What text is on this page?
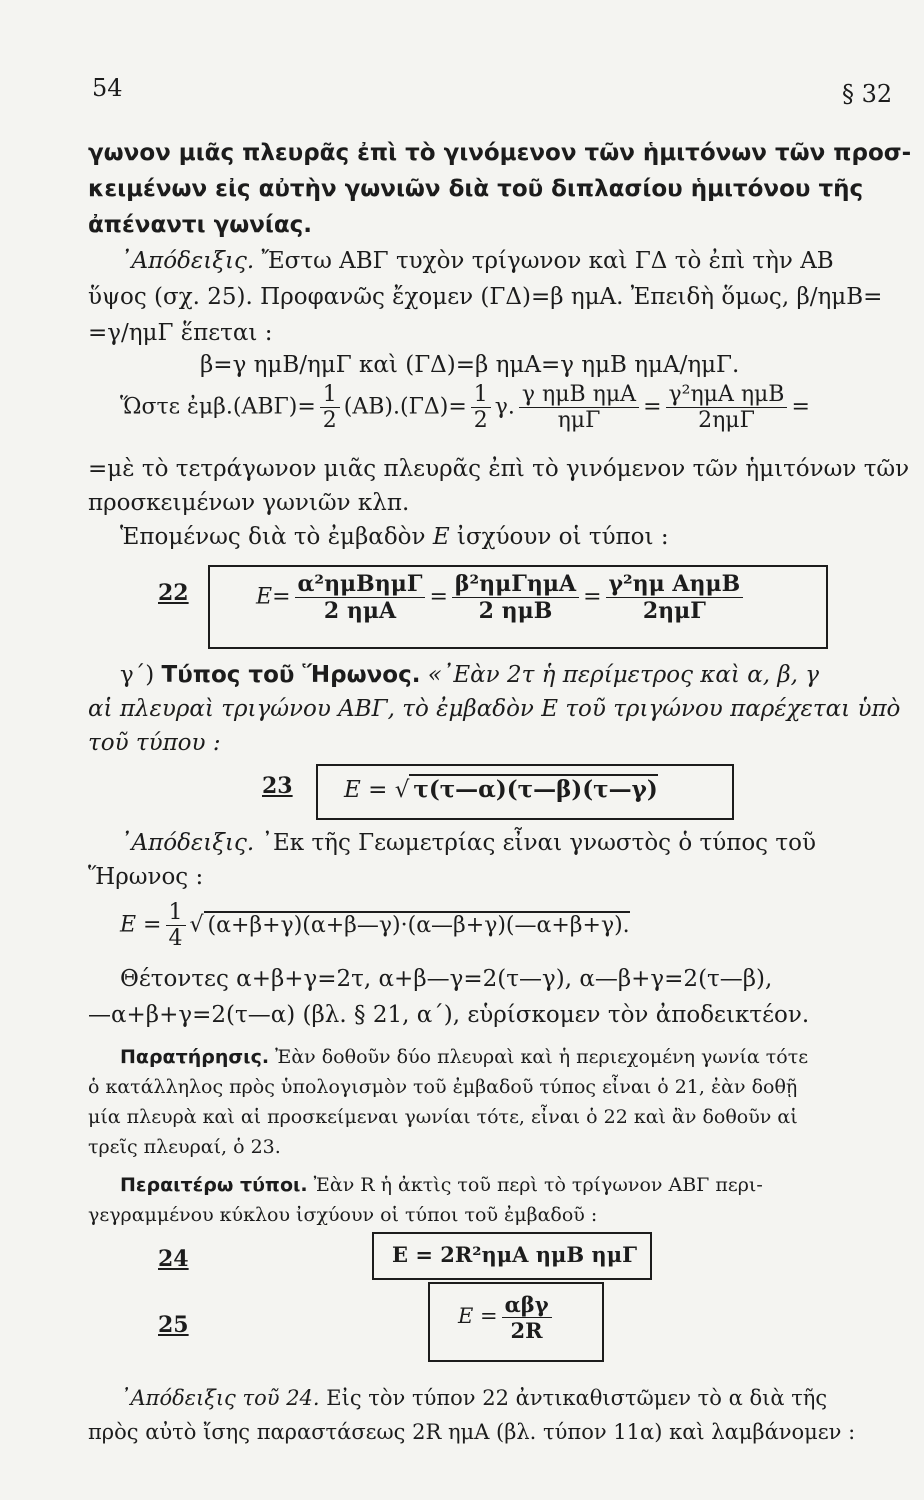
54	§ 32
γωνον μιᾶς πλευρᾶς ἐπὶ τὸ γινόμενον τῶν ἡμιτόνων τῶν προσ-
κειμένων εἰς αὐτὴν γωνιῶν διὰ τοῦ διπλασίου ἡμιτόνου τῆς
ἀπέναντι γωνίας.
᾿Απόδειξις. Ἔστω ΑΒΓ τυχὸν τρίγωνον καὶ ΓΔ τὸ ἐπὶ τὴν ΑΒ
ὕψος (σχ. 25). Προφανῶς ἔχομεν (ΓΔ)=β ημΑ. Ἐπειδὴ ὅμως, β/ημΒ=
=γ/ημΓ ἕπεται :
β=γ ημΒ/ημΓ καὶ (ΓΔ)=β ημΑ=γ ημΒ ημΑ/ημΓ.
Ὥστε ἐμβ.(ΑΒΓ)= $\frac{1}{2} (AB).(\Gamma\Delta)= \frac{1}{2} \gamma$. $\frac{\text{γ ημΒ ημΑ}}{\text{ημΓ}} = \frac{\text{γ²ημΑ ημΒ}}{\text{2ημΓ}}$ =
=μὲ τὸ τετράγωνον μιᾶς πλευρᾶς ἐπὶ τὸ γινόμενον τῶν ἡμιτόνων τῶν
προσκειμένων γωνιῶν κλπ.
Ἑπομένως διὰ τὸ ἐμβαδὸν E ἰσχύουν οἱ τύποι :
22	$E= \frac{\text{α²ημΒημΓ}}{\text{2 ημΑ}} = \frac{\text{β²ημΓημΑ}}{\text{2 ημΒ}} = \frac{\text{γ²ημ ΑημΒ}}{\text{2ημΓ}}$
γ΄) Τύπος τοῦ Ἥρωνος. «᾿Εὰν 2τ ἡ περίμετρος καὶ α, β, γ
αἱ πλευραὶ τριγώνου ΑΒΓ, τὸ ἐμβαδὸν Ε τοῦ τριγώνου παρέχεται ὑπὸ
τοῦ τύπου :
23 E = √ τ(τ—α)(τ—β)(τ—γ)
᾿Απόδειξις. ᾿Εκ τῆς Γεωμετρίας εἶναι γνωστὸς ὁ τύπος τοῦ
Ἥρωνος :
$E = \frac{1}{4}$ √ (α+β+γ)(α+β—γ)·(α—β+γ)(—α+β+γ).
Θέτοντες α+β+γ=2τ, α+β—γ=2(τ—γ), α—β+γ=2(τ—β),
—α+β+γ=2(τ—α) (βλ. § 21, α΄), εὑρίσκομεν τὸν ἀποδεικτέον.
Παρατήρησις. Ἐὰν δοθοῦν δύο πλευραὶ καὶ ἡ περιεχομένη γωνία τότε
ὁ κατάλληλος πρὸς ὑπολογισμὸν τοῦ ἐμβαδοῦ τύπος εἶναι ὁ 21, ἐὰν δοθῇ
μία πλευρὰ καὶ αἱ προσκείμεναι γωνίαι τότε, εἶναι ὁ 22 καὶ ἂν δοθοῦν αἱ
τρεῖς πλευραί, ὁ 23.
Περαιτέρω τύποι. Ἐὰν R ἡ ἀκτὶς τοῦ περὶ τὸ τρίγωνον ΑΒΓ περι-
γεγραμμένου κύκλου ἰσχύουν οἱ τύποι τοῦ ἐμβαδοῦ :
24	E = 2R²ημΑ ημΒ ημΓ
25	$E = \frac{\text{αβγ}}{2R}$
᾿Απόδειξις τοῦ 24. Εἰς τὸν τύπον 22 ἀντικαθιστῶμεν τὸ α διὰ τῆς
πρὸς αὐτὸ ἴσης παραστάσεως 2R ημΑ (βλ. τύπον 11α) καὶ λαμβάνομεν :
